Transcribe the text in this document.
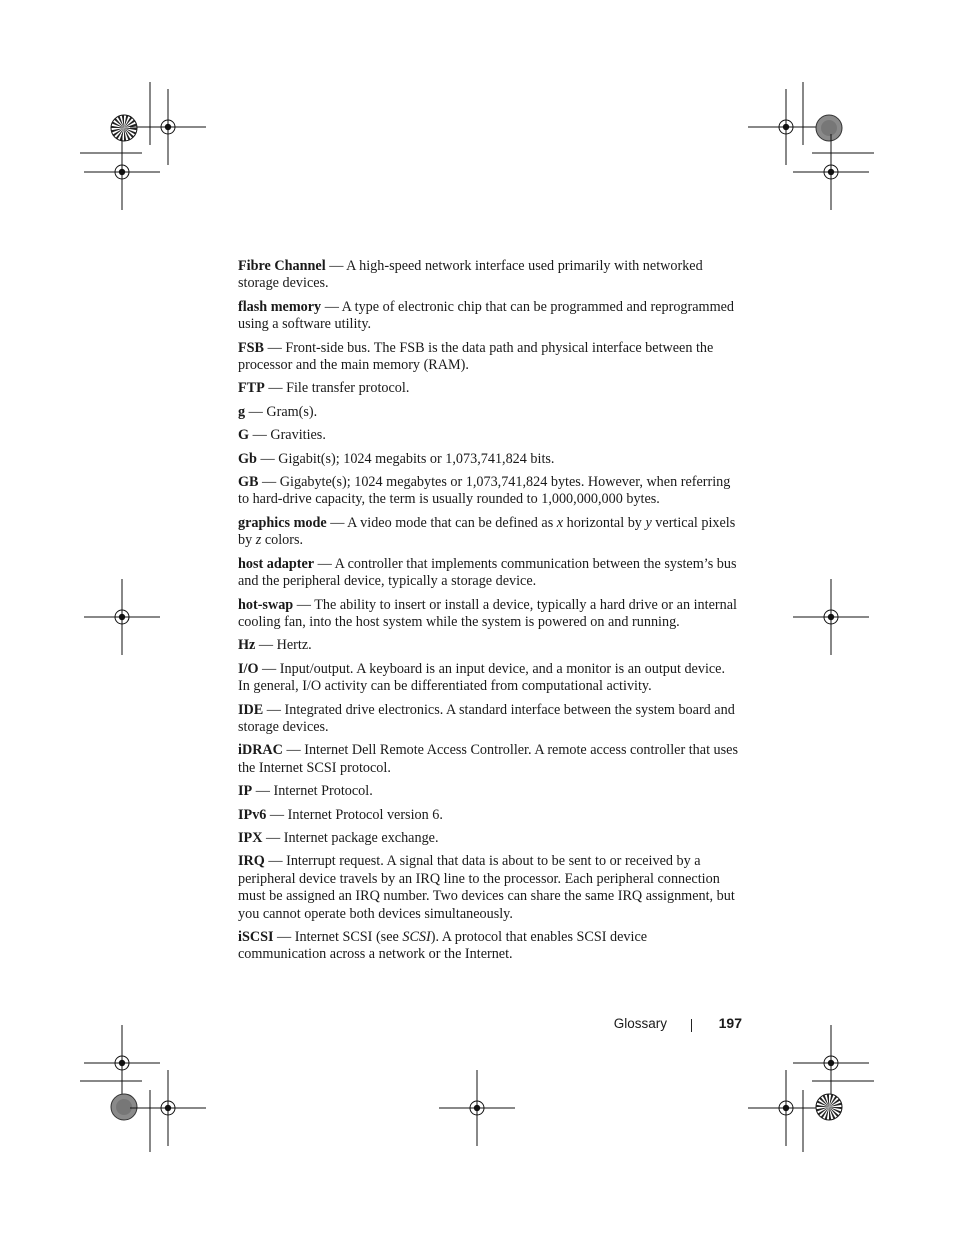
Fibre Channel — A high-speed network interface used primarily with networked storage devices.

flash memory — A type of electronic chip that can be programmed and reprogrammed using a software utility.

FSB — Front-side bus. The FSB is the data path and physical interface between the processor and the main memory (RAM).

FTP — File transfer protocol.

g — Gram(s).

G — Gravities.

Gb — Gigabit(s); 1024 megabits or 1,073,741,824 bits.

GB — Gigabyte(s); 1024 megabytes or 1,073,741,824 bytes. However, when referring to hard-drive capacity, the term is usually rounded to 1,000,000,000 bytes.

graphics mode — A video mode that can be defined as x horizontal by y vertical pixels by z colors.

host adapter — A controller that implements communication between the system’s bus and the peripheral device, typically a storage device.

hot-swap — The ability to insert or install a device, typically a hard drive or an internal cooling fan, into the host system while the system is powered on and running.

Hz — Hertz.

I/O — Input/output. A keyboard is an input device, and a monitor is an output device. In general, I/O activity can be differentiated from computational activity.

IDE — Integrated drive electronics. A standard interface between the system board and storage devices.

iDRAC — Internet Dell Remote Access Controller. A remote access controller that uses the Internet SCSI protocol.

IP — Internet Protocol.

IPv6 — Internet Protocol version 6.

IPX — Internet package exchange.

IRQ — Interrupt request. A signal that data is about to be sent to or received by a peripheral device travels by an IRQ line to the processor. Each peripheral connection must be assigned an IRQ number. Two devices can share the same IRQ assignment, but you cannot operate both devices simultaneously.

iSCSI — Internet SCSI (see SCSI). A protocol that enables SCSI device communication across a network or the Internet.

Glossary	197
